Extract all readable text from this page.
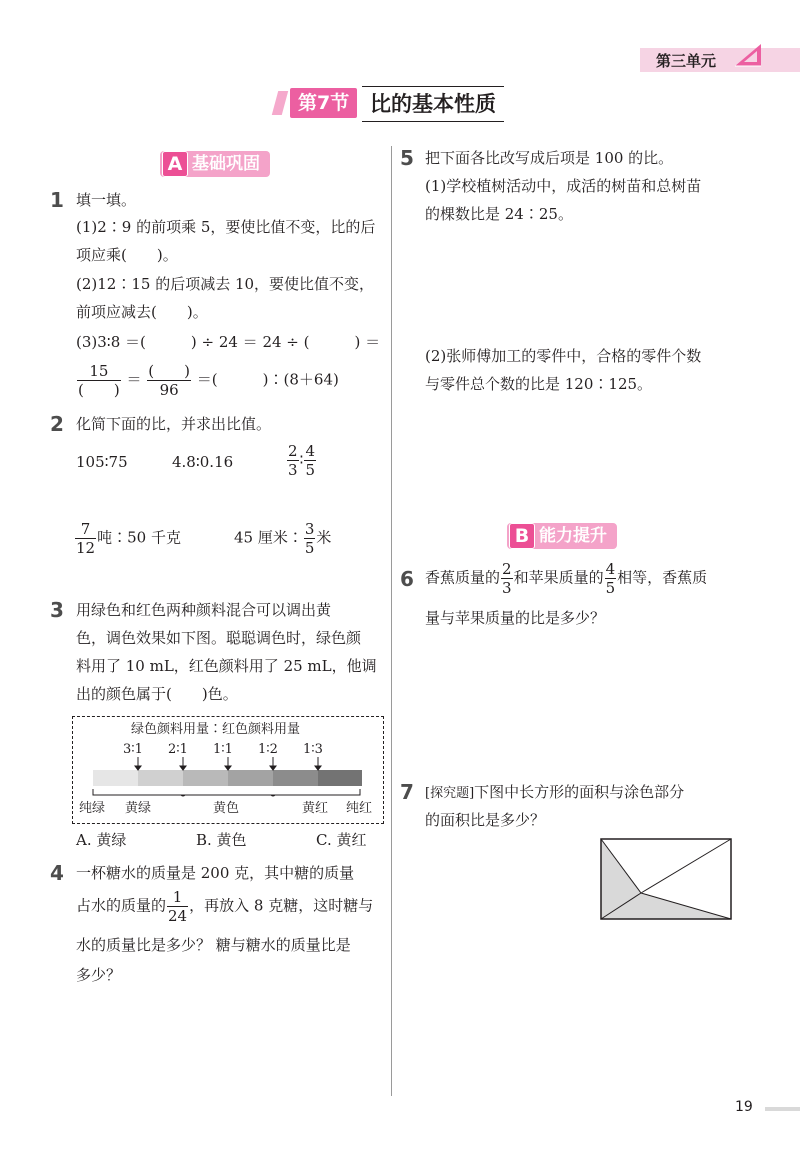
第三单元
第7节 比的基本性质
A 基础巩固
1 填一填。
(1)2∶9 的前项乘 5，要使比值不变，比的后
项应乘(　　)。
(2)12∶15 的后项减去 10，要使比值不变，
前项应减去(　　)。
(3)3∶8 ＝(　　　) ÷ 24 ＝ 24 ÷ (　　　) ＝
$\frac{15}{( )} = \frac{( )}{96}$ ＝(　　　)∶(8＋64)
2 化简下面的比，并求出比值。
105∶75	4.8∶0.16	$\frac{2}{3}$ ∶ $\frac{4}{5}$
$\frac{7}{12}$ 吨∶50 千克	45 厘米∶ $\frac{3}{5}$ 米
3 用绿色和红色两种颜料混合可以调出黄
色，调色效果如下图。聪聪调色时，绿色颜
料用了 10 mL，红色颜料用了 25 mL，他调
出的颜色属于(　　)色。
绿色颜料用量∶红色颜料用量
3∶1 2∶1 1∶1 1∶2 1∶3
纯绿 黄绿	黄色	黄红 纯红
A. 黄绿	B. 黄色	C. 黄红
4 一杯糖水的质量是 200 克，其中糖的质量
占水的质量的 $\frac{1}{24}$ ，再放入 8 克糖，这时糖与
水的质量比是多少？ 糖与糖水的质量比是
多少？
5 把下面各比改写成后项是 100 的比。
(1)学校植树活动中，成活的树苗和总树苗
的棵数比是 24∶25。
(2)张师傅加工的零件中，合格的零件个数
与零件总个数的比是 120∶125。
B 能力提升
6 香蕉质量的 $\frac{2}{3}$ 和苹果质量的 $\frac{4}{5}$ 相等，香蕉质
量与苹果质量的比是多少？
7 [探究题]下图中长方形的面积与涂色部分
的面积比是多少？
19
